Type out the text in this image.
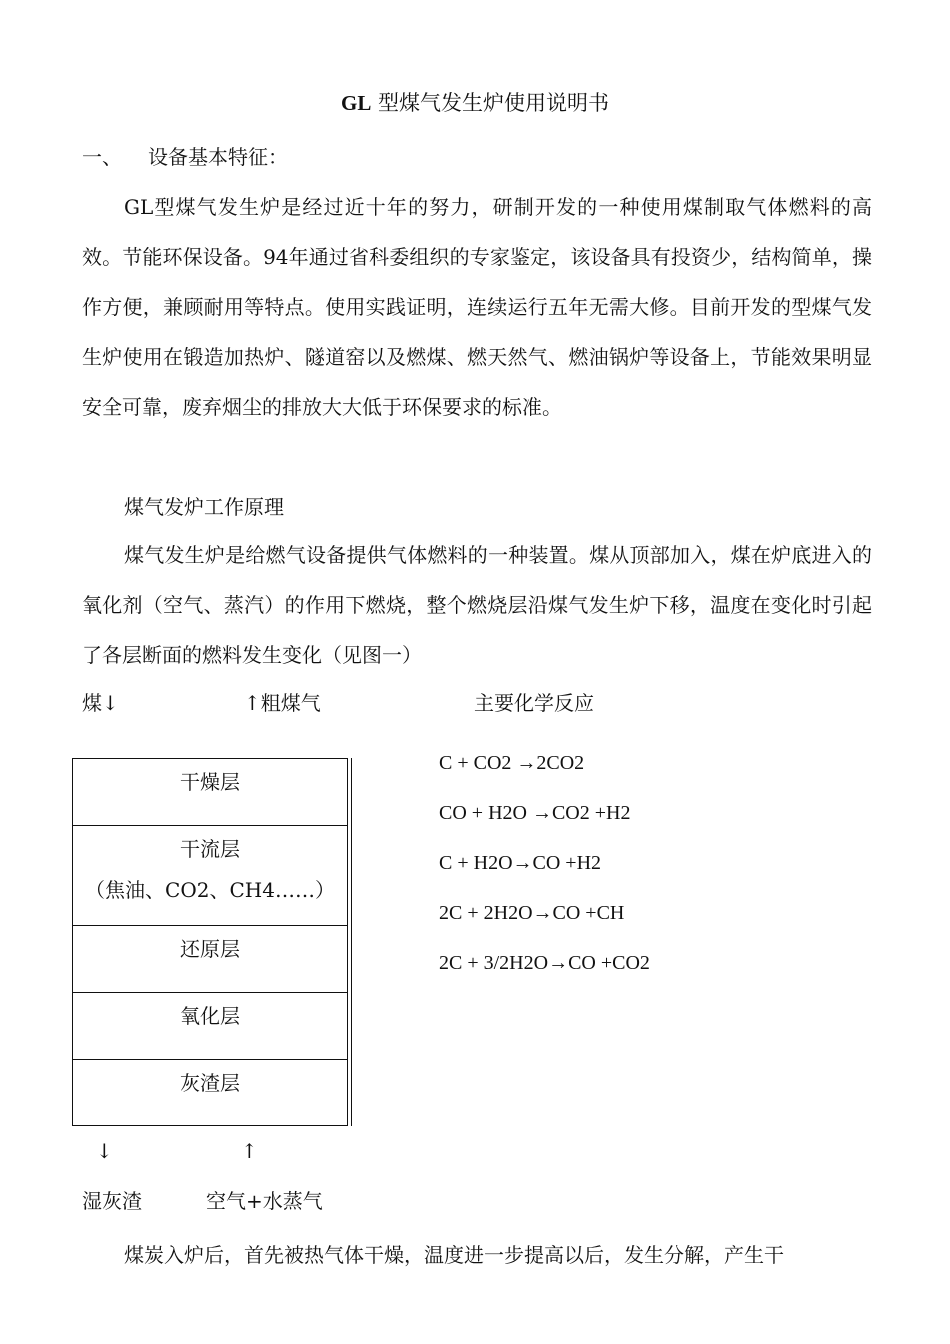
GL 型煤气发生炉使用说明书
一、 设备基本特征：

GL型煤气发生炉是经过近十年的努力，研制开发的一种使用煤制取气体燃料的高效。节能环保设备。94年通过省科委组织的专家鉴定，该设备具有投资少，结构简单，操作方便，兼顾耐用等特点。使用实践证明，连续运行五年无需大修。目前开发的型煤气发生炉使用在锻造加热炉、隧道窑以及燃煤、燃天然气、燃油锅炉等设备上，节能效果明显安全可靠，废弃烟尘的排放大大低于环保要求的标准。

煤气发炉工作原理

煤气发生炉是给燃气设备提供气体燃料的一种装置。煤从顶部加入，煤在炉底进入的氧化剂（空气、蒸汽）的作用下燃烧，整个燃烧层沿煤气发生炉下移，温度在变化时引起了各层断面的燃料发生变化（见图一）

煤↓	↑粗煤气	主要化学反应
干燥层
干流层
（焦油、CO2、CH4……）
还原层
氧化层
灰渣层
C + CO2 →2CO2
CO + H2O →CO2 +H2
C + H2O→CO +H2
2C + 2H2O→CO +CH
2C + 3/2H2O→CO +CO2
↓	↑
湿灰渣	空气+水蒸气

煤炭入炉后，首先被热气体干燥，温度进一步提高以后，发生分解，产生干
